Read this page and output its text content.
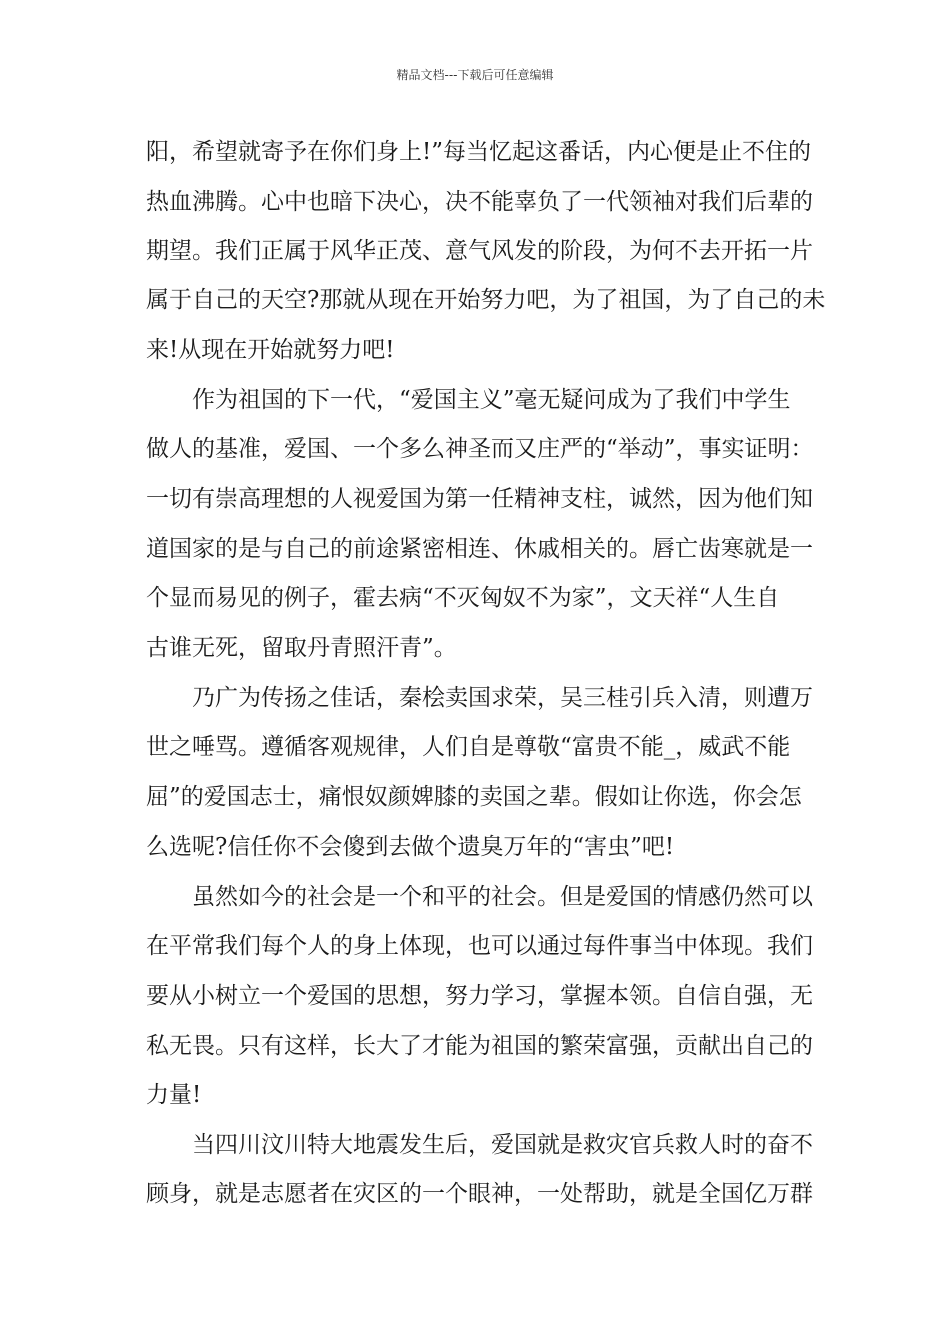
精品文档---下载后可任意编辑
阳，希望就寄予在你们身上!”每当忆起这番话，内心便是止不住的
热血沸腾。心中也暗下决心，决不能辜负了一代领袖对我们后辈的
期望。我们正属于风华正茂、意气风发的阶段，为何不去开拓一片
属于自己的天空?那就从现在开始努力吧，为了祖国，为了自己的未
来!从现在开始就努力吧!
作为祖国的下一代，“爱国主义”毫无疑问成为了我们中学生
做人的基准，爱国、一个多么神圣而又庄严的“举动”，事实证明：
一切有崇高理想的人视爱国为第一任精神支柱，诚然，因为他们知
道国家的是与自己的前途紧密相连、休戚相关的。唇亡齿寒就是一
个显而易见的例子，霍去病“不灭匈奴不为家”，文天祥“人生自
古谁无死，留取丹青照汗青”。
乃广为传扬之佳话，秦桧卖国求荣，吴三桂引兵入清，则遭万
世之唾骂。遵循客观规律，人们自是尊敬“富贵不能_，威武不能
屈”的爱国志士，痛恨奴颜婢膝的卖国之辈。假如让你选，你会怎
么选呢?信任你不会傻到去做个遗臭万年的“害虫”吧!
虽然如今的社会是一个和平的社会。但是爱国的情感仍然可以
在平常我们每个人的身上体现，也可以通过每件事当中体现。我们
要从小树立一个爱国的思想，努力学习，掌握本领。自信自强，无
私无畏。只有这样，长大了才能为祖国的繁荣富强，贡献出自己的
力量!
当四川汶川特大地震发生后，爱国就是救灾官兵救人时的奋不
顾身，就是志愿者在灾区的一个眼神，一处帮助，就是全国亿万群
